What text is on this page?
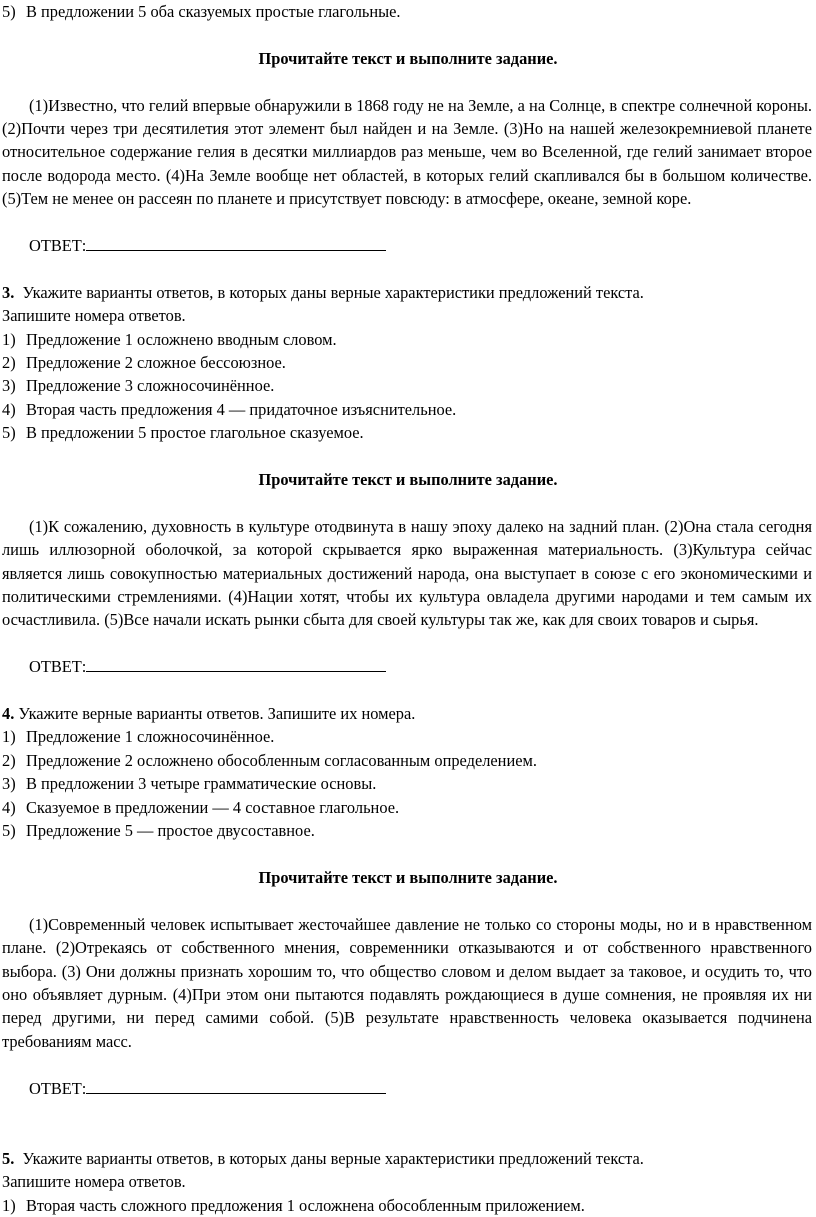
5) В предложении 5 оба сказуемых простые глагольные.

Прочитайте текст и выполните задание.

(1)Известно, что гелий впервые обнаружили в 1868 году не на Земле, а на Солнце, в спектре солнечной короны. (2)Почти через три десятилетия этот элемент был найден и на Земле. (3)Но на нашей железокремниевой планете относительное содержание гелия в десятки миллиардов раз меньше, чем во Вселенной, где гелий занимает второе после водорода место. (4)На Земле вообще нет областей, в которых гелий скапливался бы в большом количестве. (5)Тем не менее он рассеян по планете и присутствует повсюду: в атмосфере, океане, земной коре.

ОТВЕТ:

3. Укажите варианты ответов, в которых даны верные характеристики предложений текста.

Запишите номера ответов.

1) Предложение 1 осложнено вводным словом.

2) Предложение 2 сложное бессоюзное.

3) Предложение 3 сложносочинённое.

4) Вторая часть предложения 4 — придаточное изъяснительное.

5) В предложении 5 простое глагольное сказуемое.

Прочитайте текст и выполните задание.

(1)К сожалению, духовность в культуре отодвинута в нашу эпоху далеко на задний план. (2)Она стала сегодня лишь иллюзорной оболочкой, за которой скрывается ярко выраженная материальность. (3)Культура сейчас является лишь совокупностью материальных достижений народа, она выступает в союзе с его экономическими и политическими стремлениями. (4)Нации хотят, чтобы их культура овладела другими народами и тем самым их осчастливила. (5)Все начали искать рынки сбыта для своей культуры так же, как для своих товаров и сырья.

ОТВЕТ:

4. Укажите верные варианты ответов. Запишите их номера.

1) Предложение 1 сложносочинённое.

2) Предложение 2 осложнено обособленным согласованным определением.

3) В предложении 3 четыре грамматические основы.

4) Сказуемое в предложении — 4 составное глагольное.

5) Предложение 5 — простое двусоставное.

Прочитайте текст и выполните задание.

(1)Современный человек испытывает жесточайшее давление не только со стороны моды, но и в нравственном плане. (2)Отрекаясь от собственного мнения, современники отказываются и от собственного нравственного выбора. (3) Они должны признать хорошим то, что общество словом и делом выдает за таковое, и осудить то, что оно объявляет дурным. (4)При этом они пытаются подавлять рождающиеся в душе сомнения, не проявляя их ни перед другими, ни перед самими собой. (5)В результате нравственность человека оказывается подчинена требованиям масс.

ОТВЕТ:

5. Укажите варианты ответов, в которых даны верные характеристики предложений текста.

Запишите номера ответов.

1) Вторая часть сложного предложения 1 осложнена обособленным приложением.
